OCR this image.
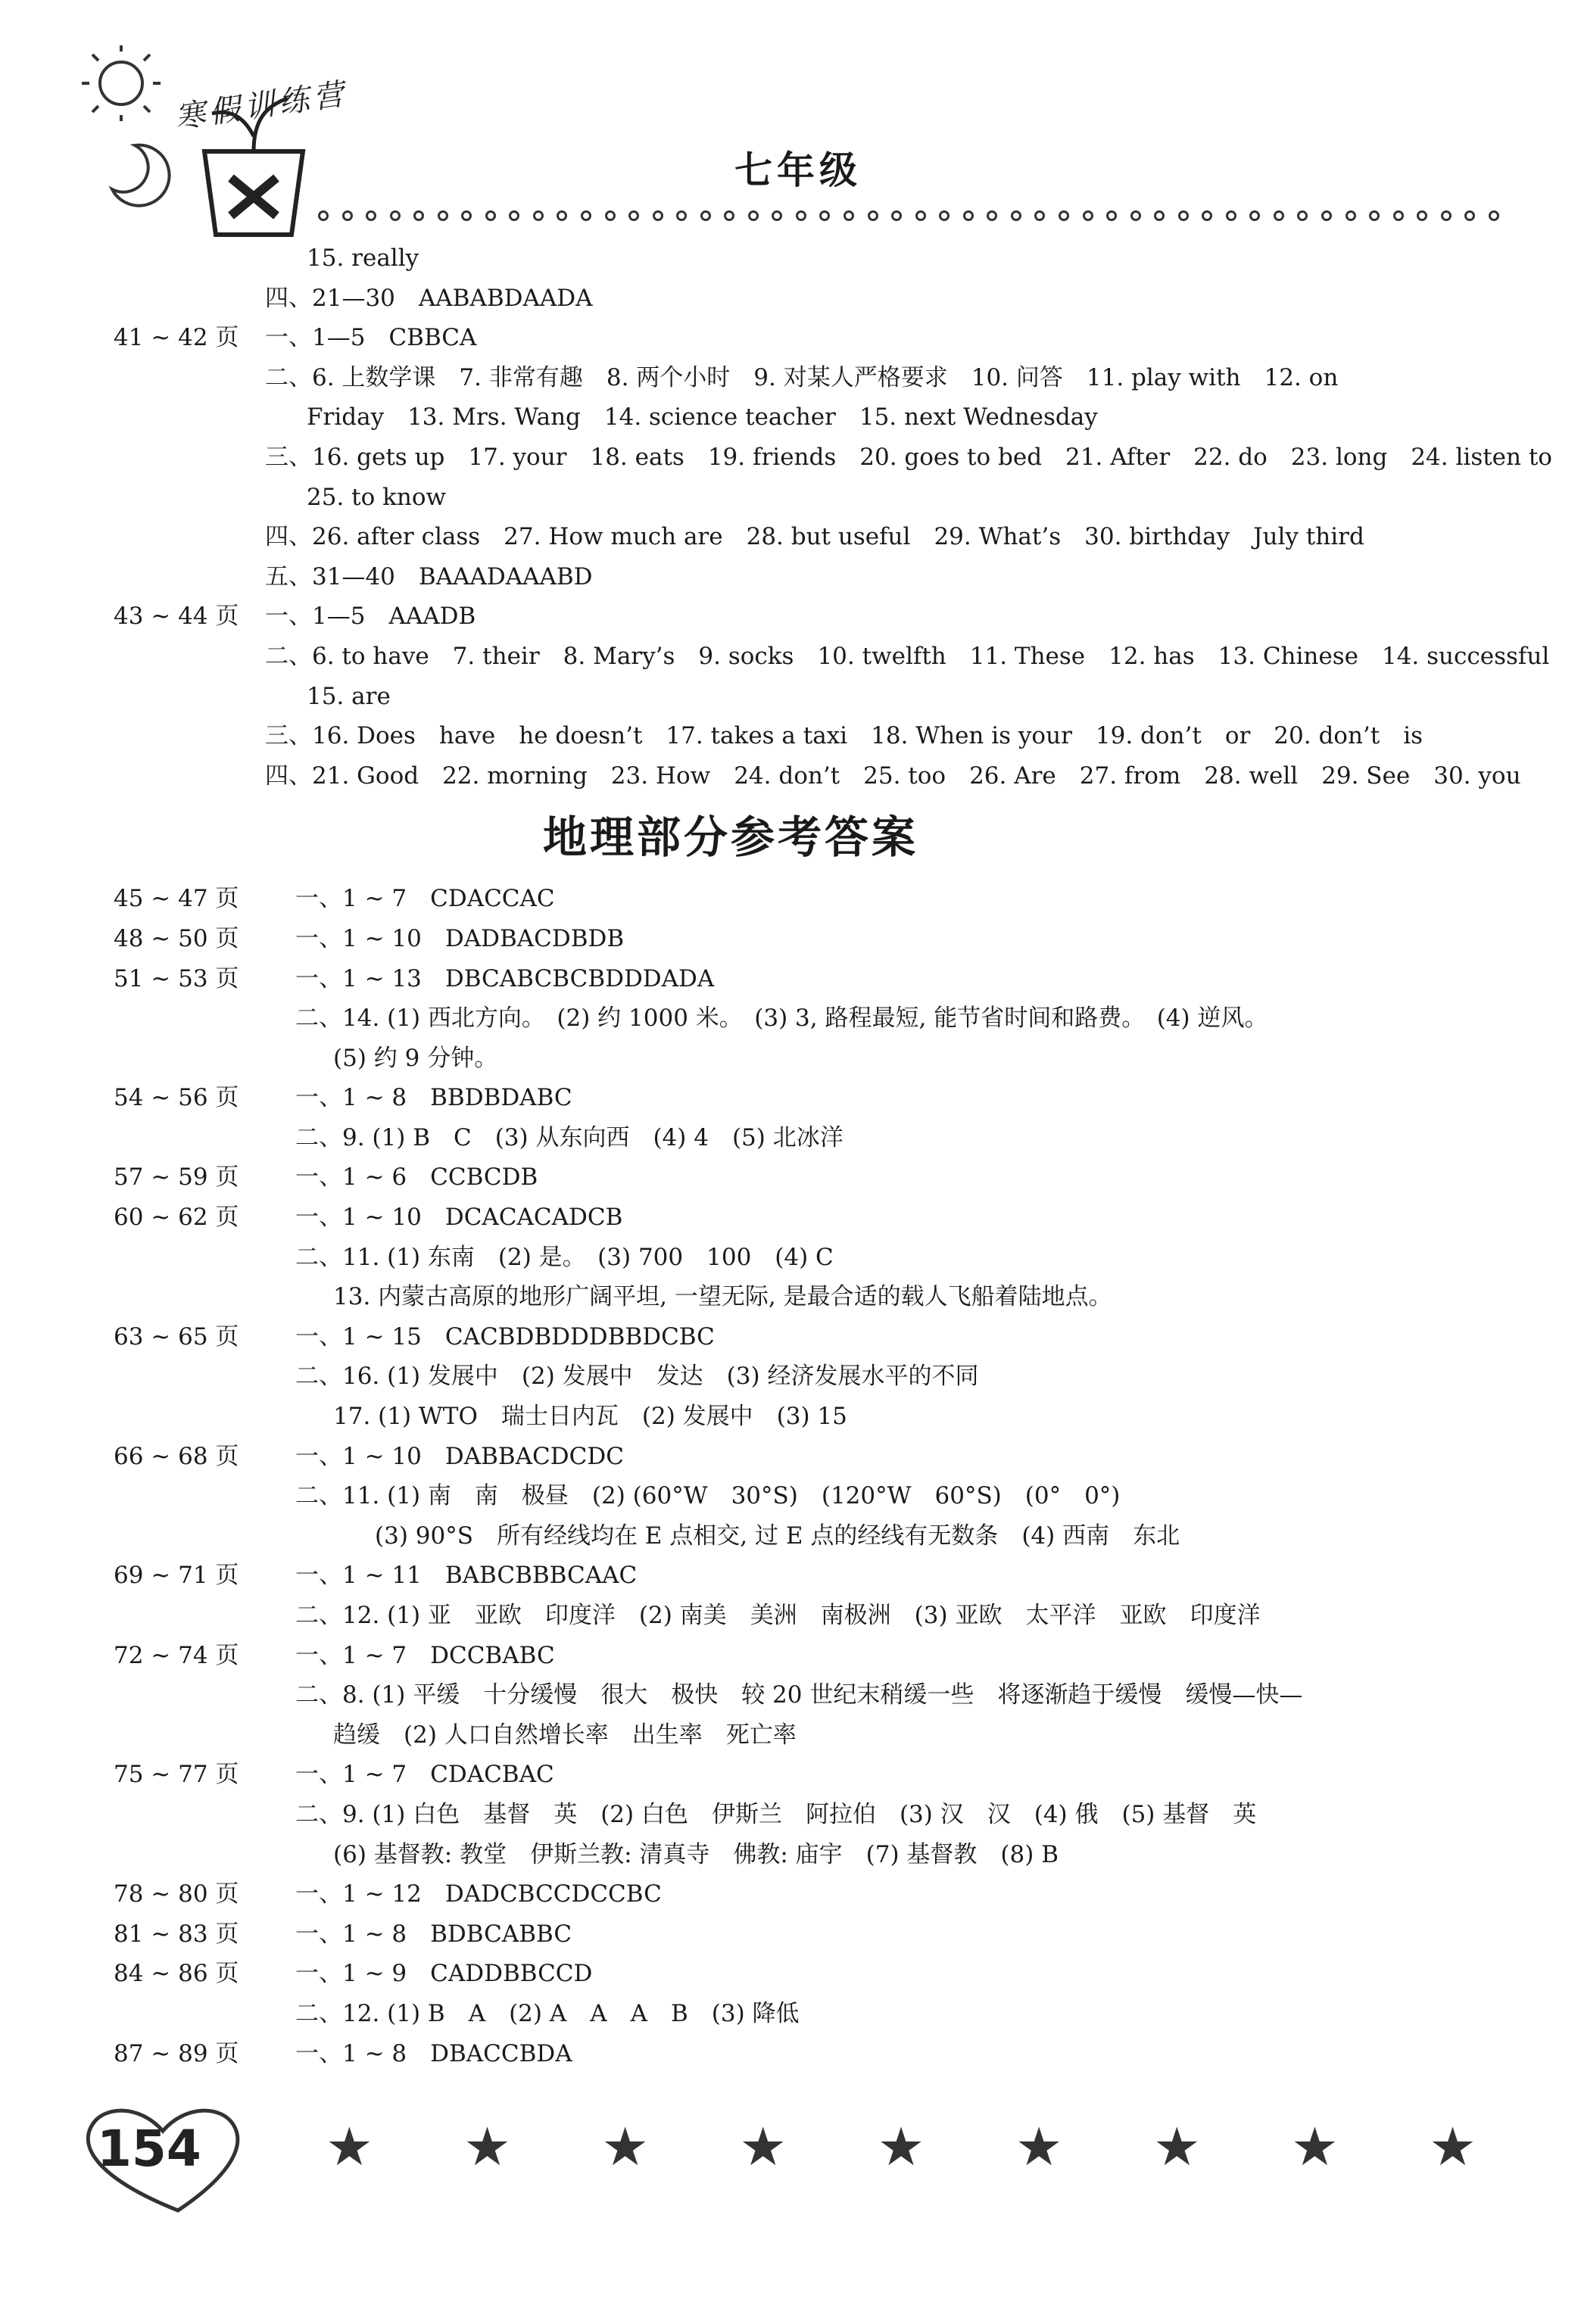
寒假训练营
七年级
15. really
四、21—30　AABABDAADA
41 ~ 42 页 一、1—5　CBBCA
二、6. 上数学课　7. 非常有趣　8. 两个小时　9. 对某人严格要求　10. 问答　11. play with　12. on
Friday　13. Mrs. Wang　14. science teacher　15. next Wednesday
三、16. gets up　17. your　18. eats　19. friends　20. goes to bed　21. After　22. do　23. long　24. listen to
25. to know
四、26. after class　27. How much are　28. but useful　29. What’s　30. birthday　July third
五、31—40　BAAADAAABD
43 ~ 44 页 一、1—5　AAADB
二、6. to have　7. their　8. Mary’s　9. socks　10. twelfth　11. These　12. has　13. Chinese　14. successful
15. are
三、16. Does　have　he doesn’t　17. takes a taxi　18. When is your　19. don’t　or　20. don’t　is
四、21. Good　22. morning　23. How　24. don’t　25. too　26. Are　27. from　28. well　29. See　30. you
地理部分参考答案
45 ~ 47 页 一、1 ~ 7　CDACCAC
48 ~ 50 页 一、1 ~ 10　DADBACDBDB
51 ~ 53 页 一、1 ~ 13　DBCABCBCBDDDADA
二、14. (1) 西北方向。　(2) 约 1000 米。　(3) 3, 路程最短, 能节省时间和路费。　(4) 逆风。
(5) 约 9 分钟。
54 ~ 56 页 一、1 ~ 8　BBDBDABC
二、9. (1) B　C　(3) 从东向西　(4) 4　(5) 北冰洋
57 ~ 59 页 一、1 ~ 6　CCBCDB
60 ~ 62 页 一、1 ~ 10　DCACACADCB
二、11. (1) 东南　(2) 是。　(3) 700　100　(4) C
13. 内蒙古高原的地形广阔平坦, 一望无际, 是最合适的载人飞船着陆地点。
63 ~ 65 页 一、1 ~ 15　CACBDBDDDBBDCBC
二、16. (1) 发展中　(2) 发展中　发达　(3) 经济发展水平的不同
17. (1) WTO　瑞士日内瓦　(2) 发展中　(3) 15
66 ~ 68 页 一、1 ~ 10　DABBACDCDC
二、11. (1) 南　南　极昼　(2) (60°W　30°S)　(120°W　60°S)　(0°　0°)
(3) 90°S　所有经线均在 E 点相交, 过 E 点的经线有无数条　(4) 西南　东北
69 ~ 71 页 一、1 ~ 11　BABCBBBCAAC
二、12. (1) 亚　亚欧　印度洋　(2) 南美　美洲　南极洲　(3) 亚欧　太平洋　亚欧　印度洋
72 ~ 74 页 一、1 ~ 7　DCCBABC
二、8. (1) 平缓　十分缓慢　很大　极快　较 20 世纪末稍缓一些　将逐渐趋于缓慢　缓慢—快—
趋缓　(2) 人口自然增长率　出生率　死亡率
75 ~ 77 页 一、1 ~ 7　CDACBAC
二、9. (1) 白色　基督　英　(2) 白色　伊斯兰　阿拉伯　(3) 汉　汉　(4) 俄　(5) 基督　英
(6) 基督教: 教堂　伊斯兰教: 清真寺　佛教: 庙宇　(7) 基督教　(8) B
78 ~ 80 页 一、1 ~ 12　DADCBCCDCCBC
81 ~ 83 页 一、1 ~ 8　BDBCABBC
84 ~ 86 页 一、1 ~ 9　CADDBBCCD
二、12. (1) B　A　(2) A　A　A　B　(3) 降低
87 ~ 89 页 一、1 ~ 8　DBACCBDA
154 ★ ★ ★ ★ ★ ★ ★ ★ ★
